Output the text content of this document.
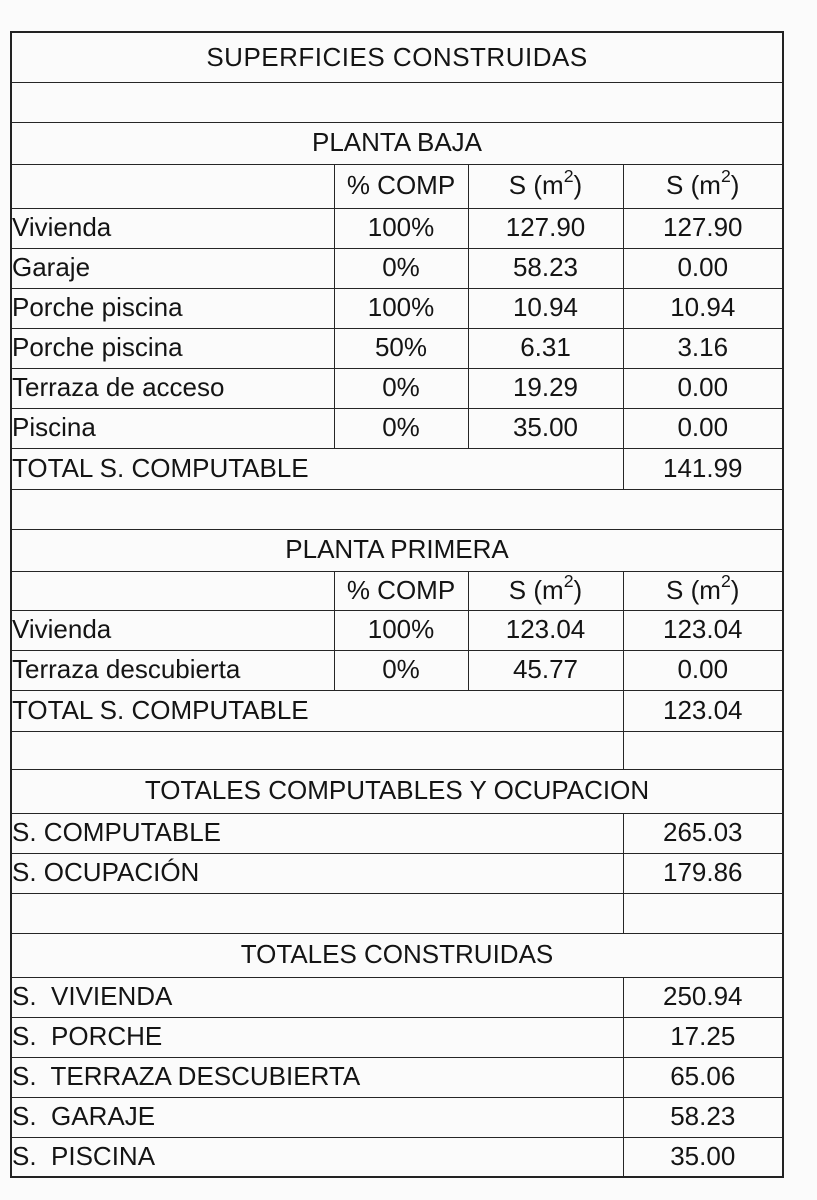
SUPERFICIES CONSTRUIDAS			

PLANTA BAJA			
	% COMP	S $(m^2)$	S $(m^2)$
Vivienda	100%	127.90	127.90
Garaje	0%	58.23	0.00
Porche piscina	100%	10.94	10.94
Porche piscina	50%	6.31	3.16
Terraza de acceso	0%	19.29	0.00
Piscina	0%	35.00	0.00
TOTAL S. COMPUTABLE			141.99

PLANTA PRIMERA			
	% COMP	S $(m^2)$	S $(m^2)$
Vivienda	100%	123.04	123.04
Terraza descubierta	0%	45.77	0.00
TOTAL S. COMPUTABLE			123.04

TOTALES COMPUTABLES Y OCUPACION			
S. COMPUTABLE			265.03
S. OCUPACIÓN			179.86

TOTALES CONSTRUIDAS			
S.  VIVIENDA			250.94
S.  PORCHE			17.25
S.  TERRAZA DESCUBIERTA			65.06
S.  GARAJE			58.23
S.  PISCINA			35.00
